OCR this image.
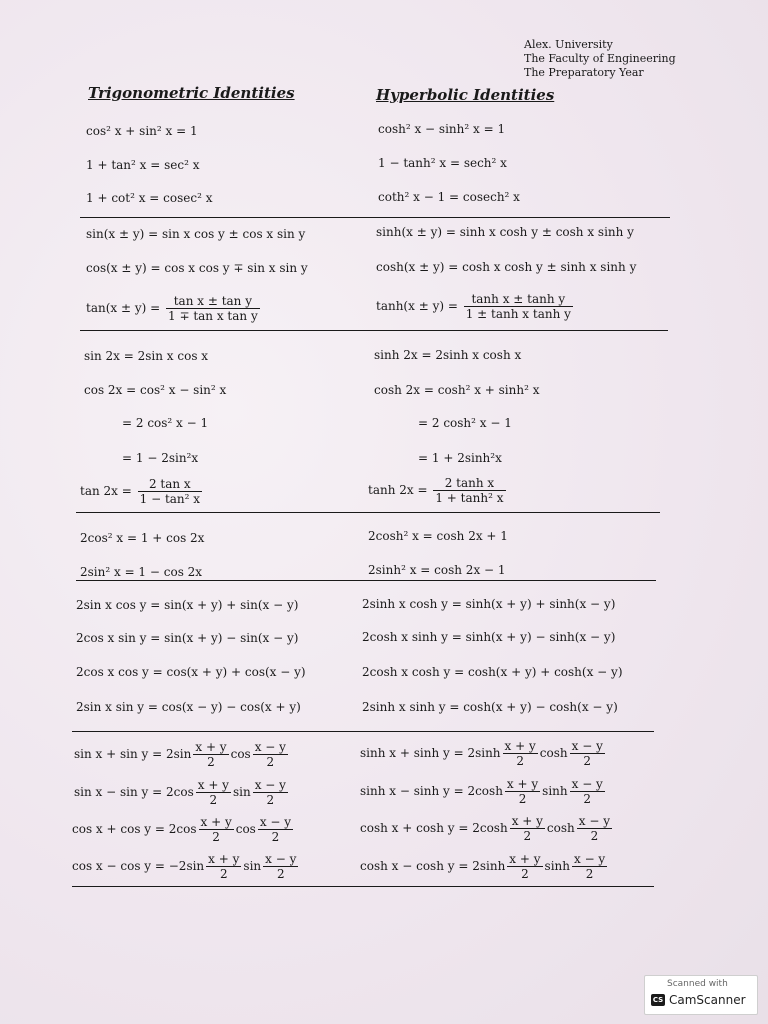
Alex. University
The Faculty of Engineering
The Preparatory Year
Trigonometric Identities	Hyperbolic Identities
cos² x + sin² x = 1
1 + tan² x = sec² x
1 + cot² x = cosec² x
cosh² x − sinh² x = 1
1 − tanh² x = sech² x
coth² x − 1 = cosech² x
sin(x ± y) = sin x cos y ± cos x sin y
cos(x ± y) = cos x cos y ∓ sin x sin y
$\tan(x \pm y) = \frac{\text{tan x ± tan y}}{\text{1 ∓ tan x tan y}}$
sinh(x ± y) = sinh x cosh y ± cosh x sinh y
cosh(x ± y) = cosh x cosh y ± sinh x sinh y
$\tanh(x \pm y) = \frac{\text{tanh x ± tanh y}}{\text{1 ± tanh x tanh y}}$
sin 2x = 2sin x cos x
cos 2x = cos² x − sin² x
= 2 cos² x − 1
= 1 − 2sin²x
$\tan 2x = \frac{\text{2 tan x}}{\text{1 − tan² x}}$
sinh 2x = 2sinh x cosh x
cosh 2x = cosh² x + sinh² x
= 2 cosh² x − 1
= 1 + 2sinh²x
$\tanh 2x = \frac{\text{2 tanh x}}{\text{1 + tanh² x}}$
2cos² x = 1 + cos 2x
2sin² x = 1 − cos 2x
2cosh² x = cosh 2x + 1
2sinh² x = cosh 2x − 1
2sin x cos y = sin(x + y) + sin(x − y)
2cos x sin y = sin(x + y) − sin(x − y)
2cos x cos y = cos(x + y) + cos(x − y)
2sin x sin y = cos(x − y) − cos(x + y)
2sinh x cosh y = sinh(x + y) + sinh(x − y)
2cosh x sinh y = sinh(x + y) − sinh(x − y)
2cosh x cosh y = cosh(x + y) + cosh(x − y)
2sinh x sinh y = cosh(x + y) − cosh(x − y)
$\sin x + \sin y = 2\sin \frac{x + y}{2}$ $\cos \frac{x - y}{2}$
$\sin x - \sin y = 2\cos \frac{x + y}{2}$ $\sin \frac{x - y}{2}$
$\cos x + \cos y = 2\cos \frac{x + y}{2}$ $\cos \frac{x - y}{2}$
$\cos x - \cos y = -2\sin \frac{x + y}{2}$ $\sin \frac{x - y}{2}$
$\sinh x + \sinh y = 2\sinh \frac{x + y}{2}$ $\cosh \frac{x - y}{2}$
$\sinh x - \sinh y = 2\cosh \frac{x + y}{2}$ $\sinh \frac{x - y}{2}$
$\cosh x + \cosh y = 2\cosh \frac{x + y}{2}$ $\cosh \frac{x - y}{2}$
$\cosh x - \cosh y = 2\sinh \frac{x + y}{2}$ $\sinh \frac{x - y}{2}$
Scanned with
CS CamScanner
